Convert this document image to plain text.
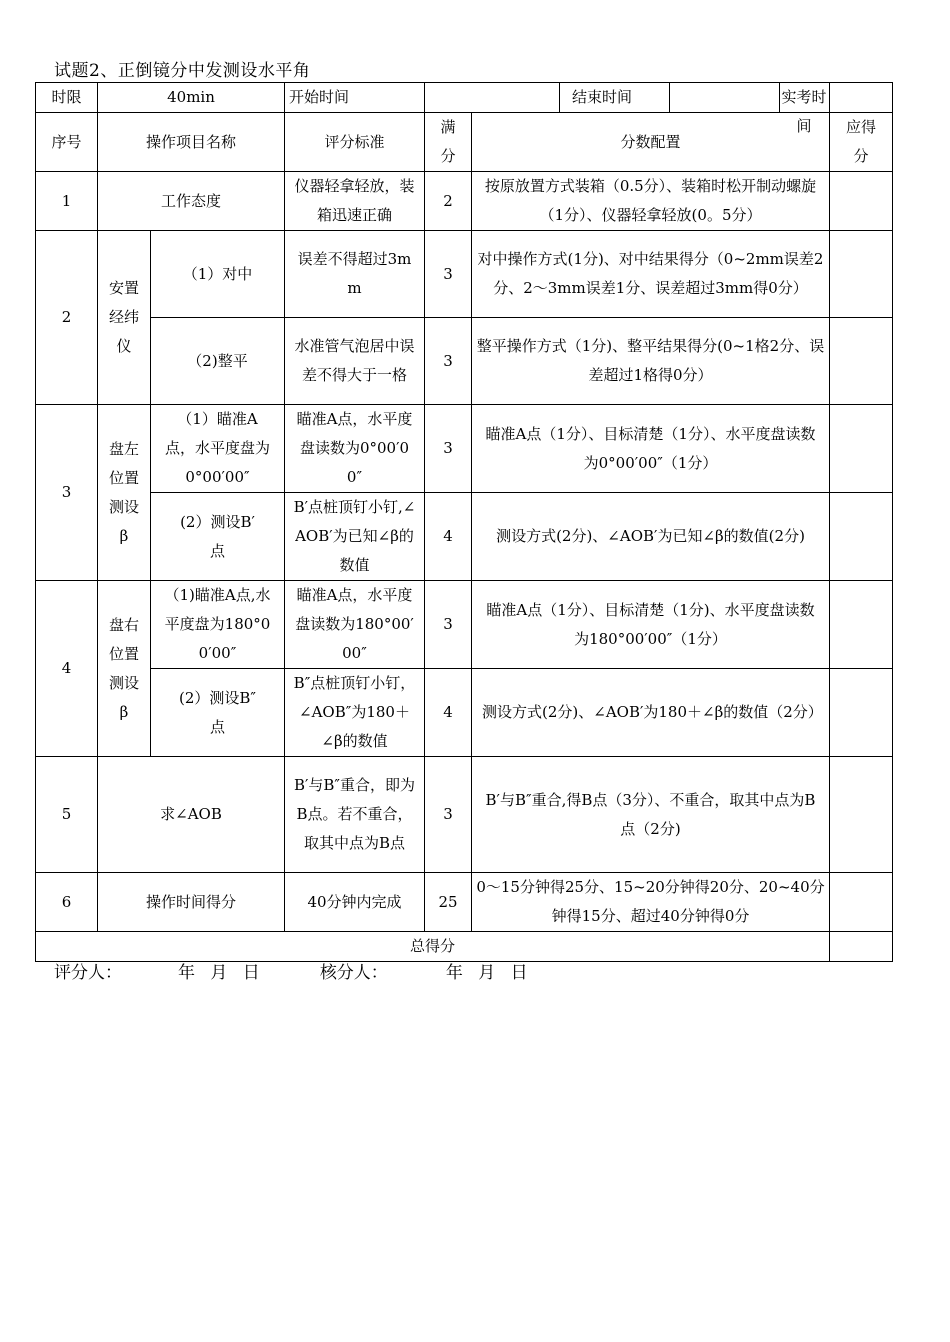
试题2、正倒镜分中发测设水平角
时限	40min		开始时间			结束时间	实考时间	

序号	操作项目名称		评分标准	满分	分数配置			应得分
1	工作态度		仪器轻拿轻放，装箱迅速正确	2	按原放置方式装箱（0.5分）、装箱时松开制动螺旋（1分）、仪器轻拿轻放(0。5分）			
2	安置经纬仪	（1）对中	误差不得超过3mm	3	对中操作方式(1分)、对中结果得分（0~2mm误差2分、2～3mm误差1分、误差超过3mm得0分）			
		（2)整平	水准管气泡居中误差不得大于一格	3	整平操作方式（1分)、整平结果得分(0~1格2分、误差超过1格得0分）			
3	盘左位置测设β	（1）瞄准A点，水平度盘为0°00′00″	瞄准A点，水平度盘读数为0°00′00″	3	瞄准A点（1分）、目标清楚（1分）、水平度盘读数为0°00′00″（1分）			
		(2）测设B′点	B′点桩顶钉小钉,∠AOB′为已知∠β的数值	4	测设方式(2分)、∠AOB′为已知∠β的数值(2分)			
4	盘右位置测设β	（1)瞄准A点,水平度盘为180°00′00″	瞄准A点，水平度盘读数为180°00′00″	3	瞄准A点（1分）、目标清楚（1分)、水平度盘读数为180°00′00″（1分）			
		(2）测设B″点	B″点桩顶钉小钉，∠AOB″为180＋∠β的数值	4	测设方式(2分)、∠AOB′为180＋∠β的数值（2分）			
5	求∠AOB		B′与B″重合，即为B点。若不重合，取其中点为B点	3	B′与B″重合,得B点（3分）、不重合，取其中点为B点（2分)			
6	操作时间得分		40分钟内完成	25	0～15分钟得25分、15~20分钟得20分、20~40分钟得15分、超过40分钟得0分			
总得分								
评分人：	年 月 日	核分人：	年 月 日
